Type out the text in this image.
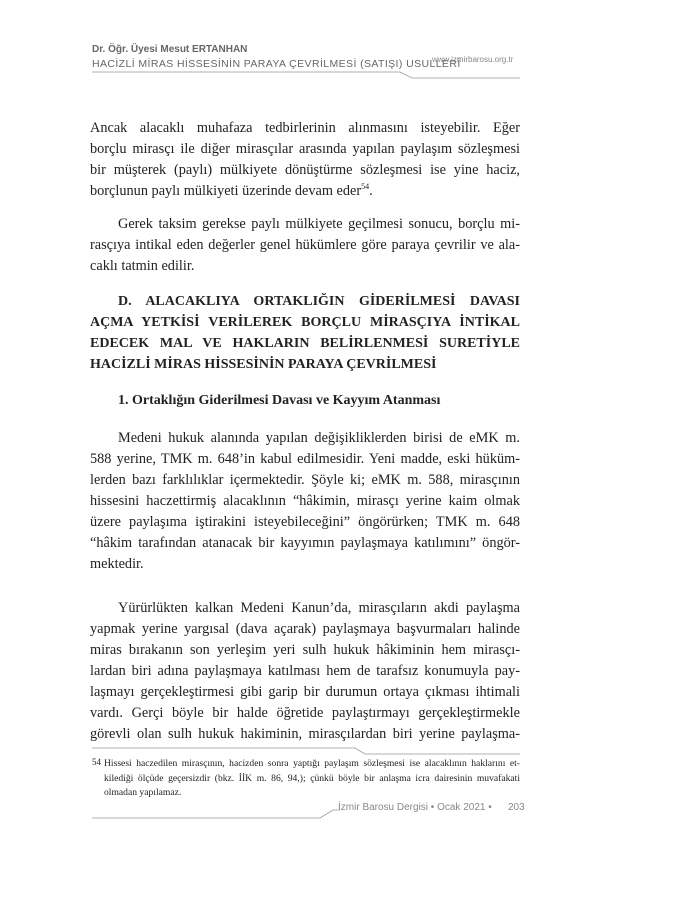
Dr. Öğr. Üyesi Mesut ERTANHAN
HACİZLİ MİRAS HİSSESİNİN PARAYA ÇEVRİLMESİ (SATIŞI) USULLERİ
www.izmirbarosu.org.tr
Ancak alacaklı muhafaza tedbirlerinin alınmasını isteyebilir. Eğer
borçlu mirasçı ile diğer mirasçılar arasında yapılan paylaşım sözleşmesi
bir müşterek (paylı) mülkiyete dönüştürme sözleşmesi ise yine haciz,
borçlunun paylı mülkiyeti üzerinde devam eder$^{54}$.
Gerek taksim gerekse paylı mülkiyete geçilmesi sonucu, borçlu mi-
rasçıya intikal eden değerler genel hükümlere göre paraya çevrilir ve ala-
caklı tatmin edilir.
D. ALACAKLIYA ORTAKLIĞIN GİDERİLMESİ DAVASI
AÇMA YETKİSİ VERİLEREK BORÇLU MİRASÇIYA İNTİKAL
EDECEK MAL VE HAKLARIN BELİRLENMESİ SURETİYLE
HACİZLİ MİRAS HİSSESİNİN PARAYA ÇEVRİLMESİ
1. Ortaklığın Giderilmesi Davası ve Kayyım Atanması
Medeni hukuk alanında yapılan değişikliklerden birisi de eMK m.
588 yerine, TMK m. 648’in kabul edilmesidir. Yeni madde, eski hüküm-
lerden bazı farklılıklar içermektedir. Şöyle ki; eMK m. 588, mirasçının
hissesini haczettirmiş alacaklının “hâkimin, mirasçı yerine kaim olmak
üzere paylaşıma iştirakini isteyebileceğini” öngörürken; TMK m. 648
“hâkim tarafından atanacak bir kayyımın paylaşmaya katılımını” öngör-
mektedir.
Yürürlükten kalkan Medeni Kanun’da, mirasçıların akdi paylaşma
yapmak yerine yargısal (dava açarak) paylaşmaya başvurmaları halinde
miras bırakanın son yerleşim yeri sulh hukuk hâkiminin hem mirasçı-
lardan biri adına paylaşmaya katılması hem de tarafsız konumuyla pay-
laşmayı gerçekleştirmesi gibi garip bir durumun ortaya çıkması ihtimali
vardı. Gerçi böyle bir halde öğretide paylaştırmayı gerçekleştirmekle
görevli olan sulh hukuk hakiminin, mirasçılardan biri yerine paylaşma-
54 Hissesi haczedilen mirasçının, hacizden sonra yaptığı paylaşım sözleşmesi ise alacaklının haklarını et-
kilediği ölçüde geçersizdir (bkz. İİK m. 86, 94,); çünkü böyle bir anlaşma icra dairesinin muvafakati
olmadan yapılamaz.
İzmir Barosu Dergisi • Ocak 2021 • 203
